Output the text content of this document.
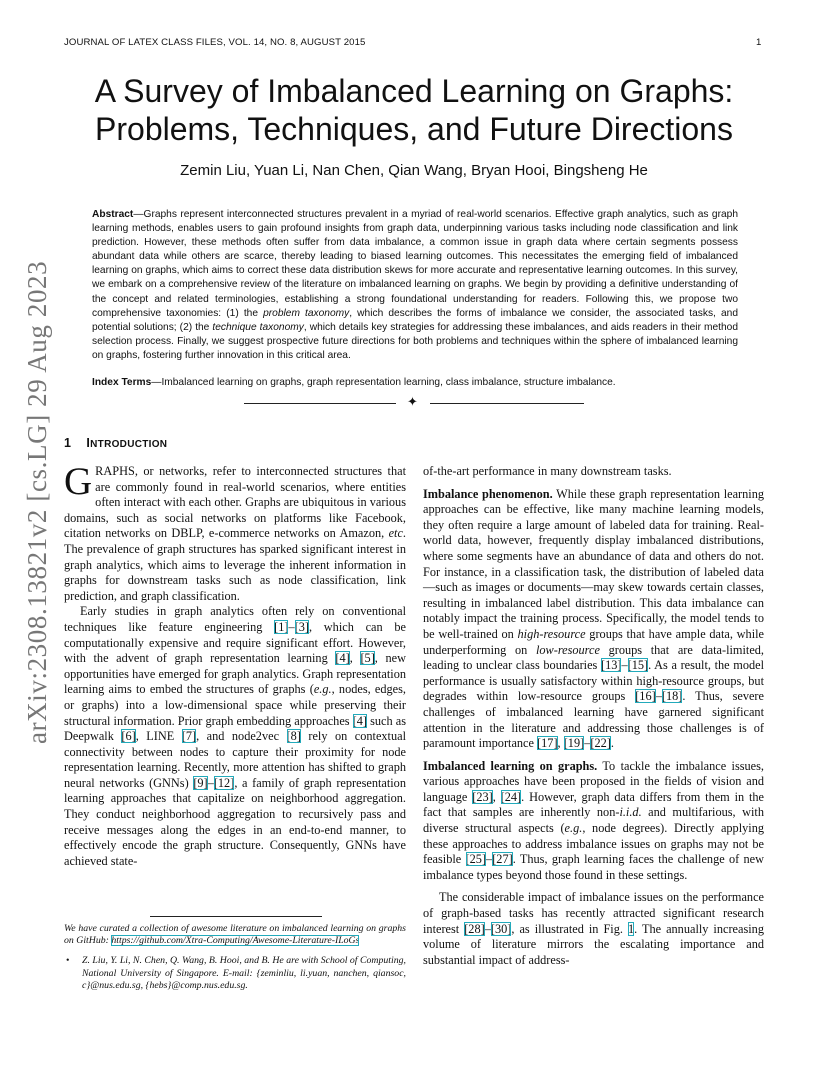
JOURNAL OF LATEX CLASS FILES, VOL. 14, NO. 8, AUGUST 2015	1
A Survey of Imbalanced Learning on Graphs:
Problems, Techniques, and Future Directions
Zemin Liu, Yuan Li, Nan Chen, Qian Wang, Bryan Hooi, Bingsheng He
Abstract—Graphs represent interconnected structures prevalent in a myriad of real-world scenarios. Effective graph analytics, such as graph learning methods, enables users to gain profound insights from graph data, underpinning various tasks including node classification and link prediction. However, these methods often suffer from data imbalance, a common issue in graph data where certain segments possess abundant data while others are scarce, thereby leading to biased learning outcomes. This necessitates the emerging field of imbalanced learning on graphs, which aims to correct these data distribution skews for more accurate and representative learning outcomes. In this survey, we embark on a comprehensive review of the literature on imbalanced learning on graphs. We begin by providing a definitive understanding of the concept and related terminologies, establishing a strong foundational understanding for readers. Following this, we propose two comprehensive taxonomies: (1) the problem taxonomy, which describes the forms of imbalance we consider, the associated tasks, and potential solutions; (2) the technique taxonomy, which details key strategies for addressing these imbalances, and aids readers in their method selection process. Finally, we suggest prospective future directions for both problems and techniques within the sphere of imbalanced learning on graphs, fostering further innovation in this critical area.
Index Terms—Imbalanced learning on graphs, graph representation learning, class imbalance, structure imbalance.
✦
1 INTRODUCTION

GRAPHS, or networks, refer to interconnected structures that are commonly found in real-world scenarios, where entities often interact with each other. Graphs are ubiquitous in various domains, such as social networks on platforms like Facebook, citation networks on DBLP, e-commerce networks on Amazon, etc. The prevalence of graph structures has sparked significant interest in graph analytics, which aims to leverage the inherent information in graphs for downstream tasks such as node classification, link prediction, and graph classification.

Early studies in graph analytics often rely on conventional techniques like feature engineering [1]–[3], which can be computationally expensive and require significant effort. However, with the advent of graph representation learning [4], [5], new opportunities have emerged for graph analytics. Graph representation learning aims to embed the structures of graphs (e.g., nodes, edges, or graphs) into a low-dimensional space while preserving their structural information. Prior graph embedding approaches [4] such as Deepwalk [6], LINE [7], and node2vec [8] rely on contextual connectivity between nodes to capture their proximity for node representation learning. Recently, more attention has shifted to graph neural networks (GNNs) [9]–[12], a family of graph representation learning approaches that capitalize on neighborhood aggregation. They conduct neighborhood aggregation to recursively pass and receive messages along the edges in an end-to-end manner, to effectively encode the graph structure. Consequently, GNNs have achieved state-

We have curated a collection of awesome literature on imbalanced learning on graphs on GitHub: https://github.com/Xtra-Computing/Awesome-Literature-ILoGs

• Z. Liu, Y. Li, N. Chen, Q. Wang, B. Hooi, and B. He are with School of Computing, National University of Singapore. E-mail: {zeminliu, li.yuan, nanchen, qiansoc, c}@nus.edu.sg, {hebs}@comp.nus.edu.sg.

of-the-art performance in many downstream tasks.

Imbalance phenomenon. While these graph representation learning approaches can be effective, like many machine learning models, they often require a large amount of labeled data for training. Real-world data, however, frequently display imbalanced distributions, where some segments have an abundance of data and others do not. For instance, in a classification task, the distribution of labeled data—such as images or documents—may skew towards certain classes, resulting in imbalanced label distribution. This data imbalance can notably impact the training process. Specifically, the model tends to be well-trained on high-resource groups that have ample data, while underperforming on low-resource groups that are data-limited, leading to unclear class boundaries [13]–[15]. As a result, the model performance is usually satisfactory within high-resource groups, but degrades within low-resource groups [16]–[18]. Thus, severe challenges of imbalanced learning have garnered significant attention in the literature and addressing those challenges is of paramount importance [17], [19]–[22].

Imbalanced learning on graphs. To tackle the imbalance issues, various approaches have been proposed in the fields of vision and language [23], [24]. However, graph data differs from them in the fact that samples are inherently non-i.i.d. and multifarious, with diverse structural aspects (e.g., node degrees). Directly applying these approaches to address imbalance issues on graphs may not be feasible [25]–[27]. Thus, graph learning faces the challenge of new imbalance types beyond those found in these settings.

The considerable impact of imbalance issues on the performance of graph-based tasks has recently attracted significant research interest [28]–[30], as illustrated in Fig. 1. The annually increasing volume of literature mirrors the escalating importance and substantial impact of address-

arXiv:2308.13821v2 [cs.LG] 29 Aug 2023
